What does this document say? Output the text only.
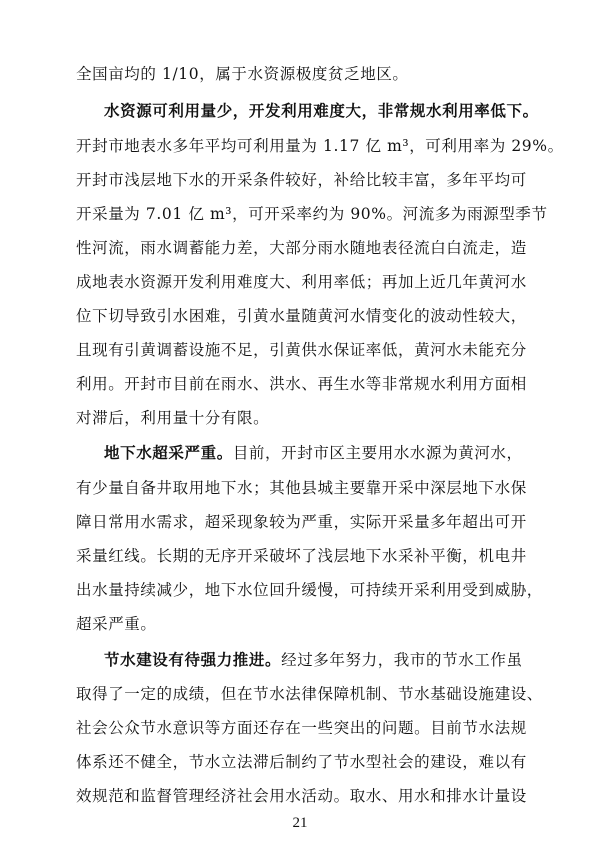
全国亩均的 1/10，属于水资源极度贫乏地区。
水资源可利用量少，开发利用难度大，非常规水利用率低下。
开封市地表水多年平均可利用量为 1.17 亿 m³，可利用率为 29%。
开封市浅层地下水的开采条件较好，补给比较丰富，多年平均可
开采量为 7.01 亿 m³，可开采率约为 90%。河流多为雨源型季节
性河流，雨水调蓄能力差，大部分雨水随地表径流白白流走，造
成地表水资源开发利用难度大、利用率低；再加上近几年黄河水
位下切导致引水困难，引黄水量随黄河水情变化的波动性较大，
且现有引黄调蓄设施不足，引黄供水保证率低，黄河水未能充分
利用。开封市目前在雨水、洪水、再生水等非常规水利用方面相
对滞后，利用量十分有限。
地下水超采严重。目前，开封市区主要用水水源为黄河水，
有少量自备井取用地下水；其他县城主要靠开采中深层地下水保
障日常用水需求，超采现象较为严重，实际开采量多年超出可开
采量红线。长期的无序开采破坏了浅层地下水采补平衡，机电井
出水量持续减少，地下水位回升缓慢，可持续开采利用受到威胁，
超采严重。
节水建设有待强力推进。经过多年努力，我市的节水工作虽
取得了一定的成绩，但在节水法律保障机制、节水基础设施建设、
社会公众节水意识等方面还存在一些突出的问题。目前节水法规
体系还不健全，节水立法滞后制约了节水型社会的建设，难以有
效规范和监督管理经济社会用水活动。取水、用水和排水计量设
21
